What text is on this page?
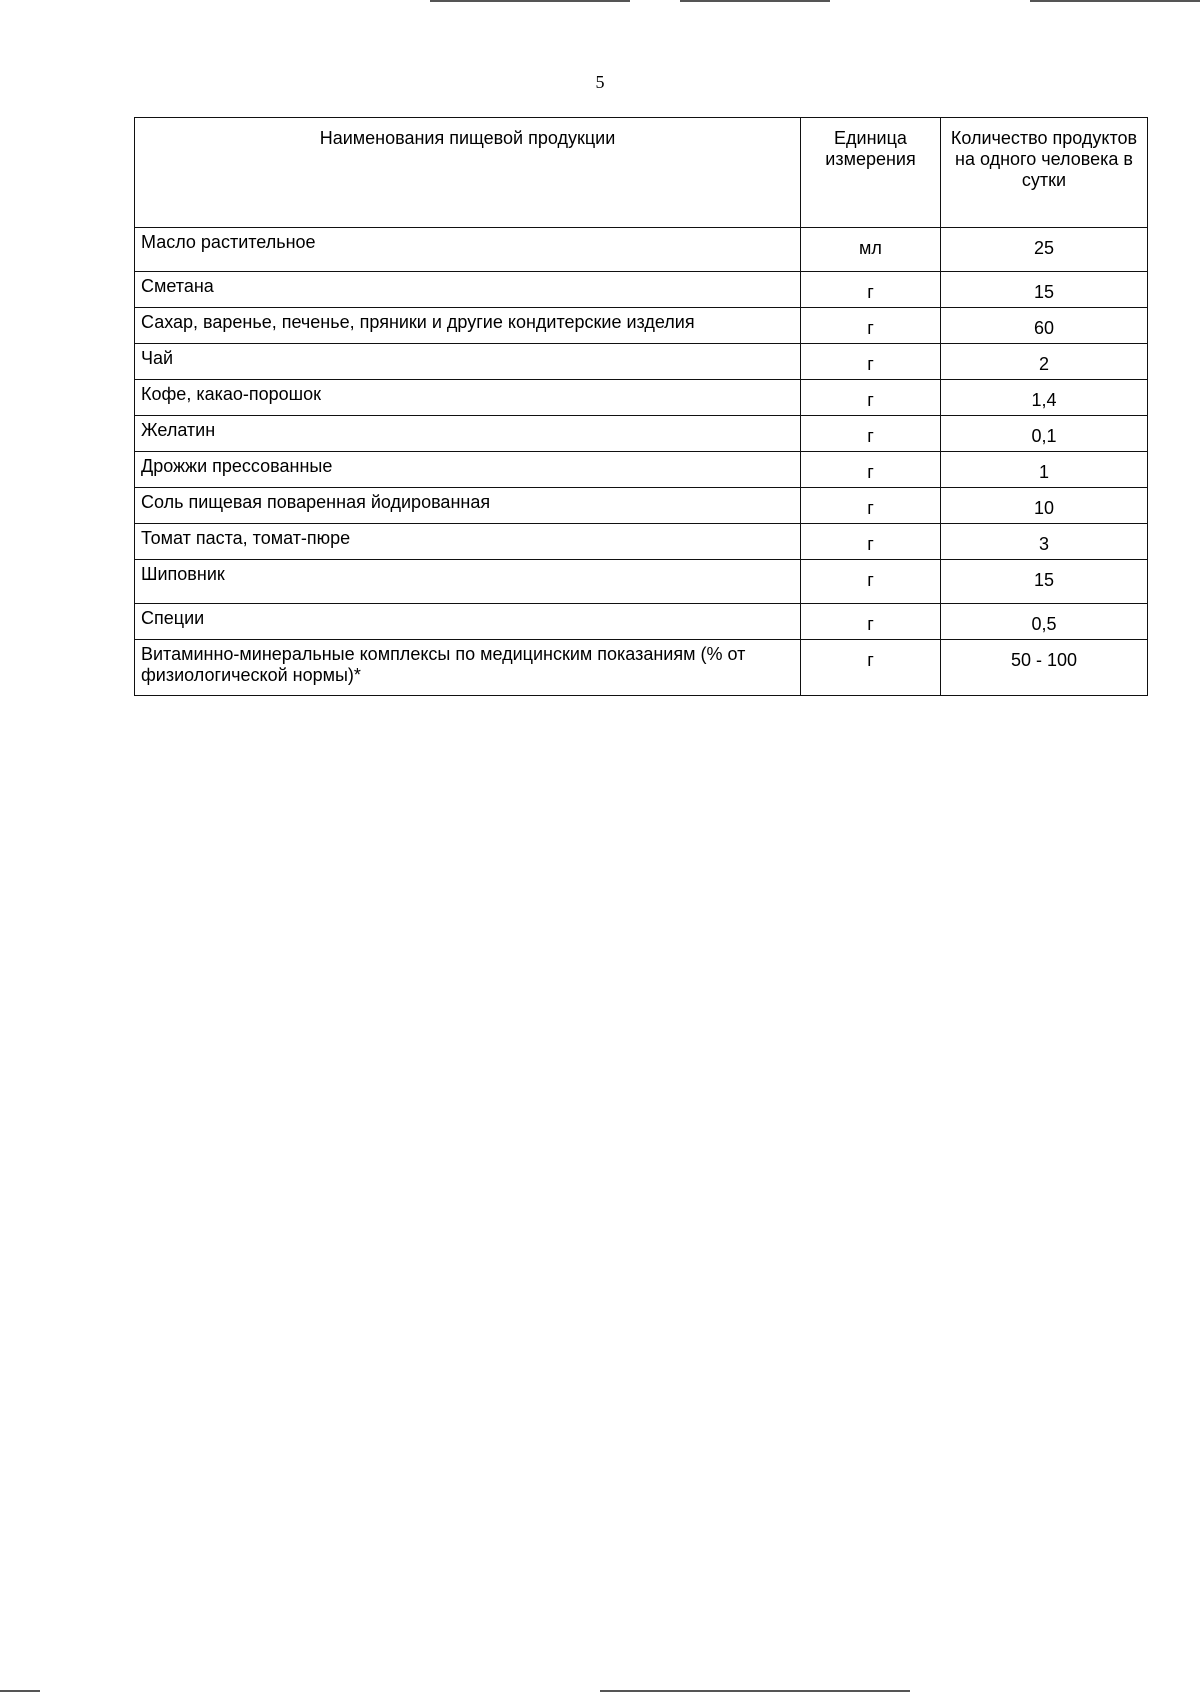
5
Наименования пищевой продукции	Единица измерения	Количество продуктов на одного человека в сутки
Масло растительное	мл	25
Сметана	г	15
Сахар, варенье, печенье, пряники и другие кондитерские изделия	г	60
Чай	г	2
Кофе, какао-порошок	г	1,4
Желатин	г	0,1
Дрожжи прессованные	г	1
Соль пищевая поваренная йодированная	г	10
Томат паста, томат-пюре	г	3
Шиповник	г	15
Специи	г	0,5
Витаминно-минеральные комплексы по медицинским показаниям (% от физиологической нормы)*	г	50 - 100
